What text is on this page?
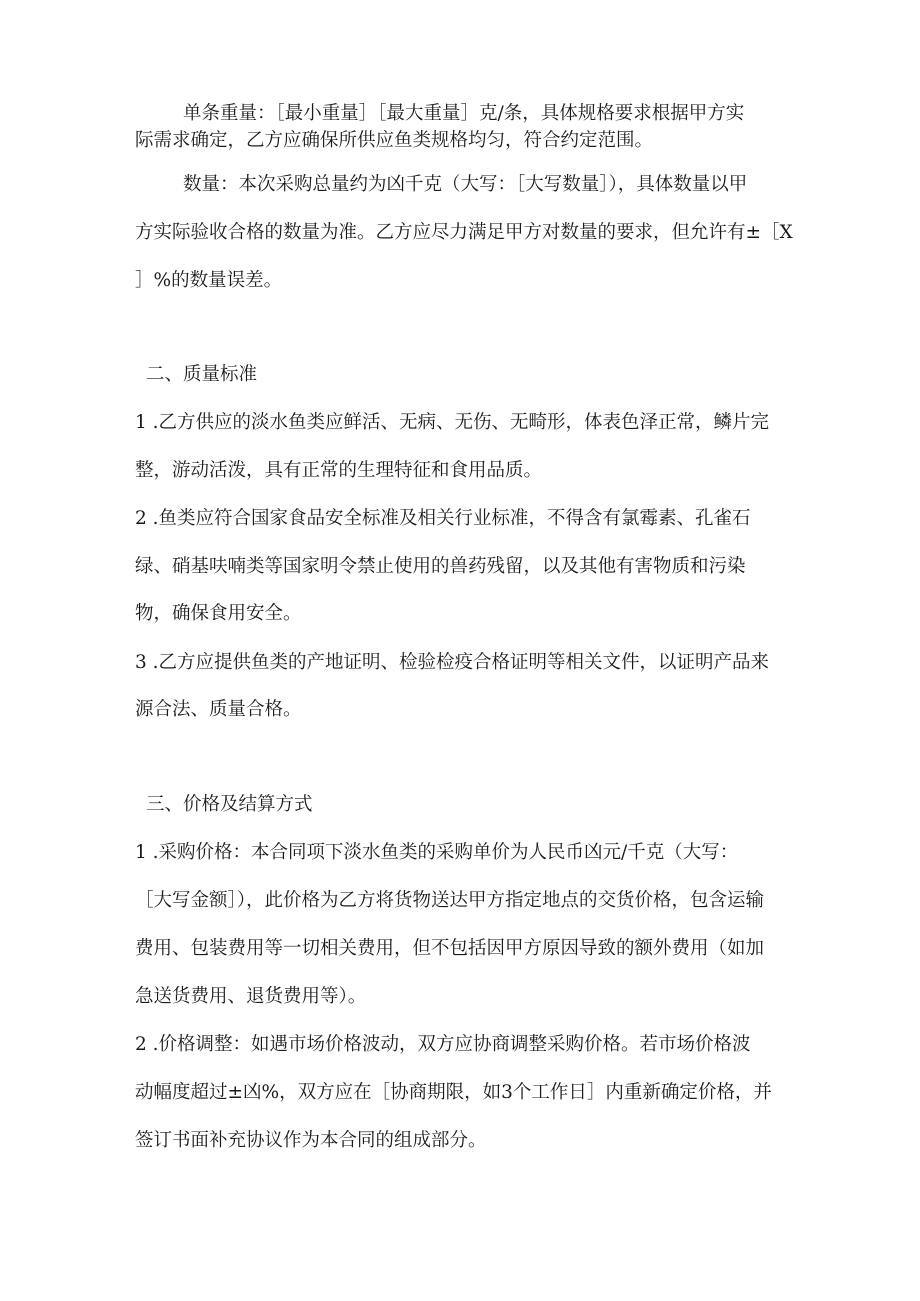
单条重量：［最小重量］［最大重量］克/条，具体规格要求根据甲方实

际需求确定，乙方应确保所供应鱼类规格均匀，符合约定范围。

数量：本次采购总量约为凶千克（大写：［大写数量］），具体数量以甲

方实际验收合格的数量为准。乙方应尽力满足甲方对数量的要求，但允许有±［X

］%的数量误差。

二、质量标准

1 .乙方供应的淡水鱼类应鲜活、无病、无伤、无畸形，体表色泽正常，鳞片完

整，游动活泼，具有正常的生理特征和食用品质。

2 .鱼类应符合国家食品安全标准及相关行业标准，不得含有氯霉素、孔雀石

绿、硝基呋喃类等国家明令禁止使用的兽药残留，以及其他有害物质和污染

物，确保食用安全。

3 .乙方应提供鱼类的产地证明、检验检疫合格证明等相关文件，以证明产品来

源合法、质量合格。

三、价格及结算方式

1 .采购价格：本合同项下淡水鱼类的采购单价为人民币凶元/千克（大写：

［大写金额］），此价格为乙方将货物送达甲方指定地点的交货价格，包含运输

费用、包装费用等一切相关费用，但不包括因甲方原因导致的额外费用（如加

急送货费用、退货费用等）。

2 .价格调整：如遇市场价格波动，双方应协商调整采购价格。若市场价格波

动幅度超过±凶%，双方应在［协商期限，如3个工作日］内重新确定价格，并

签订书面补充协议作为本合同的组成部分。
